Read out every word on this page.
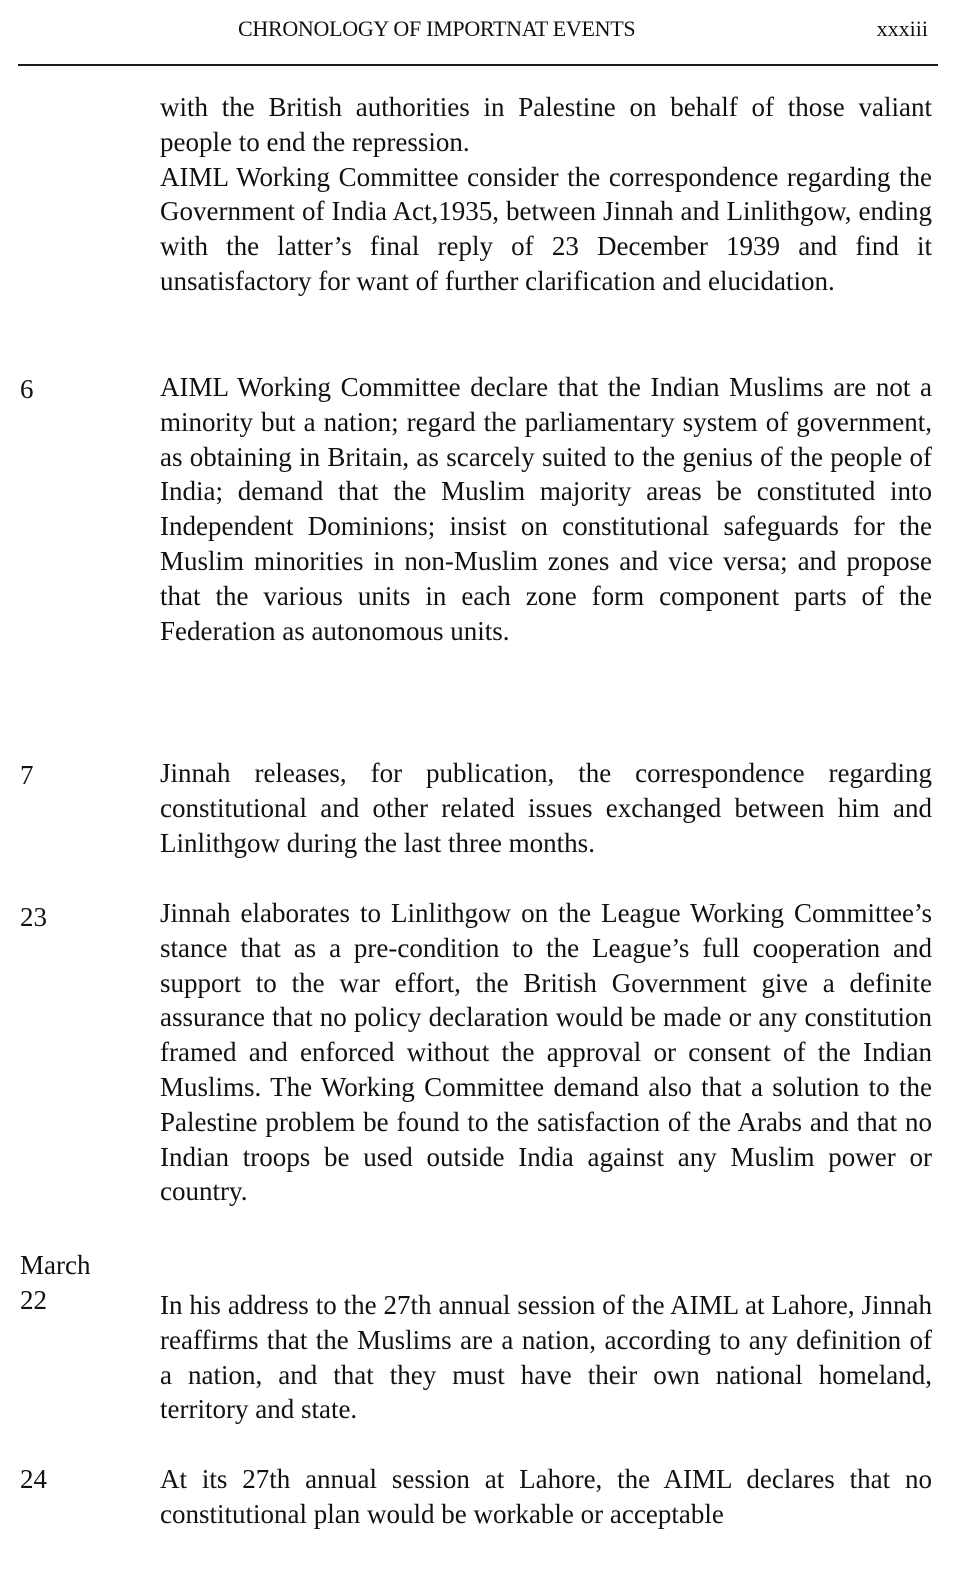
CHRONOLOGY OF IMPORTNAT EVENTS	xxxiii

with the British authorities in Palestine on behalf of those valiant people to end the repression.

AIML Working Committee consider the correspondence regarding the Government of India Act,1935, between Jinnah and Linlithgow, ending with the latter’s final reply of 23 December 1939 and find it unsatisfactory for want of further clarification and elucidation.

6	AIML Working Committee declare that the Indian Muslims are not a minority but a nation; regard the parliamentary system of government, as obtaining in Britain, as scarcely suited to the genius of the people of India; demand that the Muslim majority areas be constituted into Independent Dominions; insist on constitutional safeguards for the Muslim minorities in non-Muslim zones and vice versa; and propose that the various units in each zone form component parts of the Federation as autonomous units.

7	Jinnah releases, for publication, the correspondence regarding constitutional and other related issues exchanged between him and Linlithgow during the last three months.

23	Jinnah elaborates to Linlithgow on the League Working Committee’s stance that as a pre-condition to the League’s full cooperation and support to the war effort, the British Government give a definite assurance that no policy declaration would be made or any constitution framed and enforced without the approval or consent of the Indian Muslims. The Working Committee demand also that a solution to the Palestine problem be found to the satisfaction of the Arabs and that no Indian troops be used outside India against any Muslim power or country.

March
22	In his address to the 27th annual session of the AIML at Lahore, Jinnah reaffirms that the Muslims are a nation, according to any definition of a nation, and that they must have their own national homeland, territory and state.

24	At its 27th annual session at Lahore, the AIML declares that no constitutional plan would be workable or acceptable
